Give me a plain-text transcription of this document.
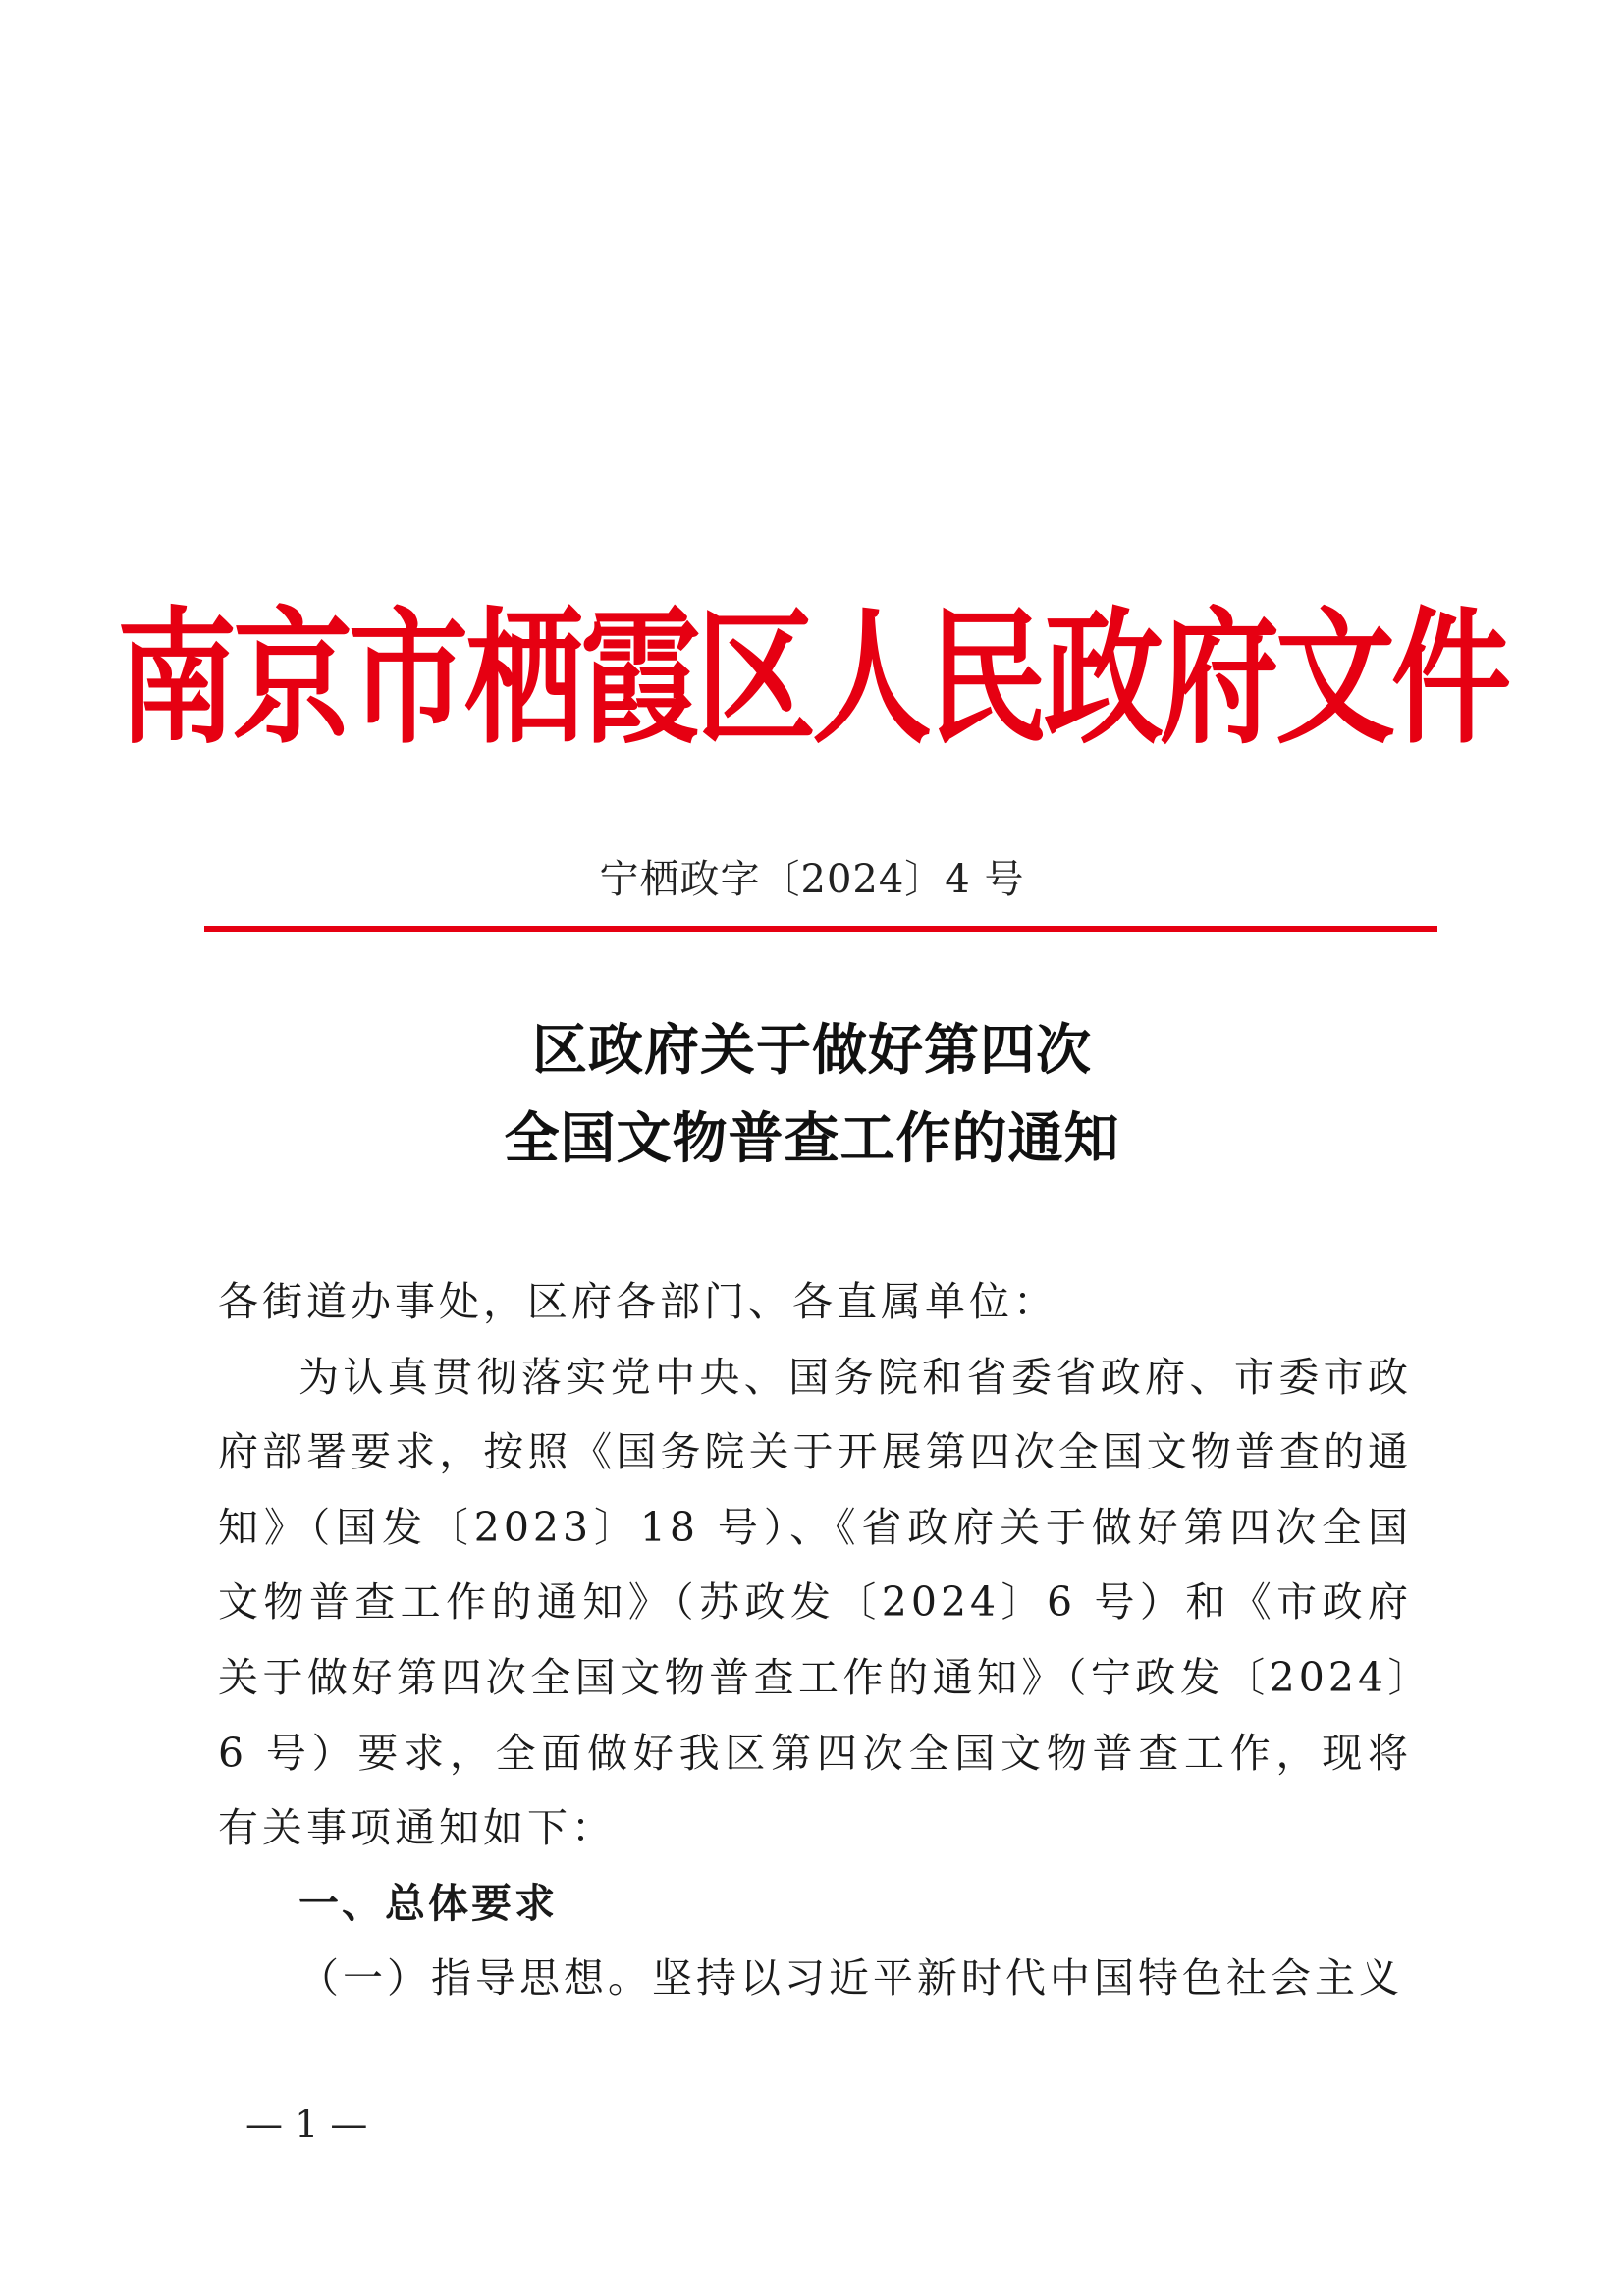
南京市栖霞区人民政府文件
宁栖政字〔2024〕4 号
区政府关于做好第四次
全国文物普查工作的通知

各街道办事处，区府各部门、各直属单位：

为认真贯彻落实党中央、国务院和省委省政府、市委市政府部署要求，按照《国务院关于开展第四次全国文物普查的通知》（国发〔2023〕18 号）、《省政府关于做好第四次全国文物普查工作的通知》（苏政发〔2024〕6 号）和《市政府关于做好第四次全国文物普查工作的通知》（宁政发〔2024〕6 号）要求，全面做好我区第四次全国文物普查工作，现将有关事项通知如下：

一、总体要求

（一）指导思想。坚持以习近平新时代中国特色社会主义

— 1 —
